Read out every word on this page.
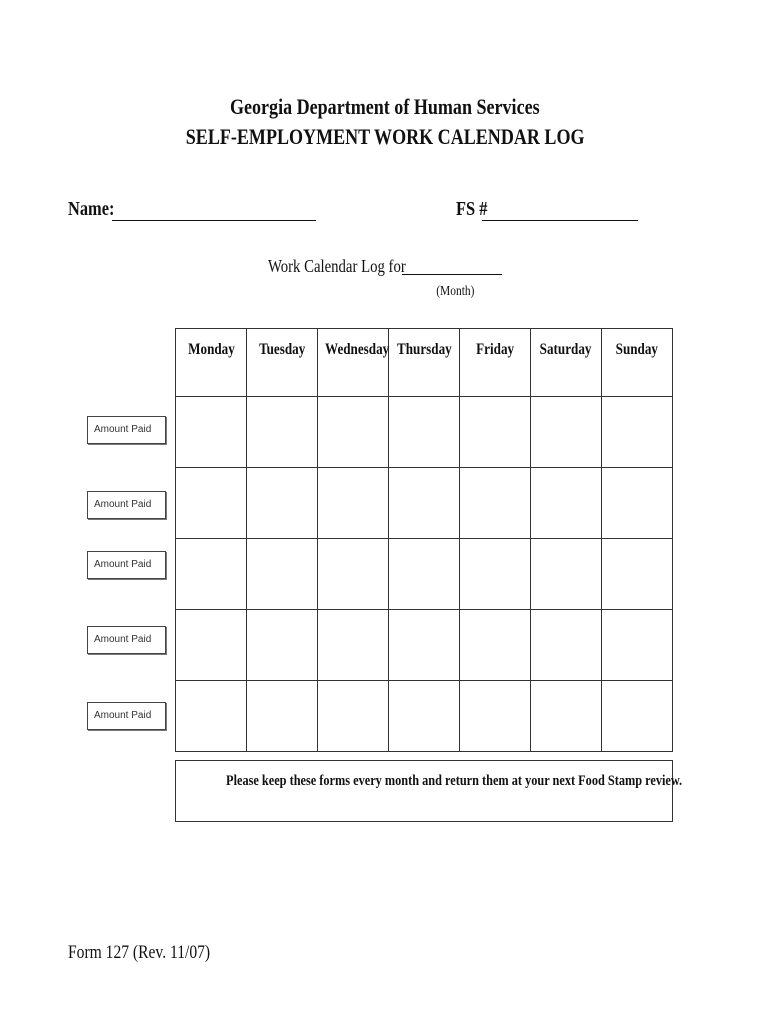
Georgia Department of Human Services
SELF-EMPLOYMENT WORK CALENDAR LOG
Name:	FS #
Work Calendar Log for
(Month)
Monday	Tuesday	Wednesday	Thursday	Friday	Saturday	Sunday

Amount Paid
Amount Paid
Amount Paid
Amount Paid
Amount Paid
Please keep these forms every month and return them at your next Food Stamp review.
Form 127 (Rev. 11/07)
